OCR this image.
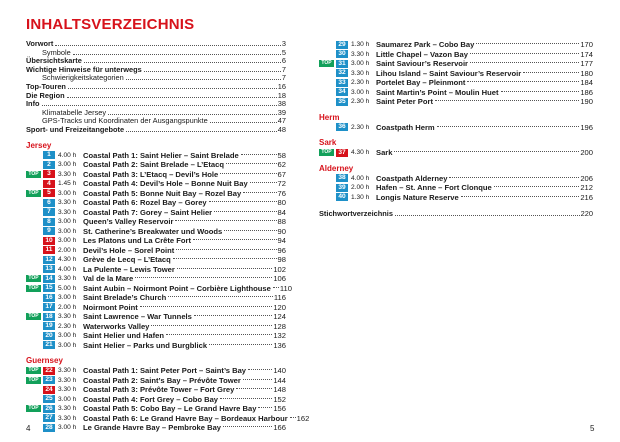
INHALTSVERZEICHNIS
Vorwort	3
Symbole	5
Übersichtskarte	6
Wichtige Hinweise für unterwegs	7
Schwierigkeitskategorien	7
Top-Touren	16
Die Region	18
Info	38
Klimatabelle Jersey	39
GPS-Tracks und Koordinaten der Ausgangspunkte	47
Sport- und Freizeitangebote	48
Jersey
1	4.00 h Coastal Path 1: Saint Helier – Saint Brelade	58
2	3.00 h Coastal Path 2: Saint Brelade – L’Etacq	62
TOP	3	3.30 h Coastal Path 3: L’Etacq – Devil’s Hole	67
4	1.45 h Coastal Path 4: Devil’s Hole – Bonne Nuit Bay	72
TOP	5	3.00 h Coastal Path 5: Bonne Nuit Bay – Rozel Bay	76
6	3.30 h Coastal Path 6: Rozel Bay – Gorey	80
7	3.30 h Coastal Path 7: Gorey – Saint Helier	84
8	3.00 h Queen’s Valley Reservoir	88
9	3.00 h St. Catherine’s Breakwater und Woods	90
10 3.00 h Les Platons und La Crête Fort	94
11 2.00 h Devil’s Hole – Sorel Point	96
12 4.30 h Grève de Lecq – L’Etacq	98
13 4.00 h La Pulente – Lewis Tower	102
TOP	14 3.30 h Val de la Mare	106
TOP	15 5.00 h Saint Aubin – Noirmont Point – Corbière Lighthouse 110
16 3.00 h Saint Brelade’s Church	116
17 2.00 h Noirmont Point	120
TOP	18 3.30 h Saint Lawrence – War Tunnels	124
19 2.30 h Waterworks Valley	128
20 3.00 h Saint Helier und Hafen	132
21 3.00 h Saint Helier – Parks und Burgblick	136
Guernsey
TOP	22 3.30 h Coastal Path 1: Saint Peter Port – Saint’s Bay	140
TOP	23 3.30 h Coastal Path 2: Saint’s Bay – Prévôte Tower	144
24 3.30 h Coastal Path 3: Prévôte Tower – Fort Grey	148
25 3.00 h Coastal Path 4: Fort Grey – Cobo Bay	152
TOP	26 3.30 h Coastal Path 5: Cobo Bay – Le Grand Havre Bay 156
27 3.30 h Coastal Path 6: Le Grand Havre Bay – Bordeaux Harbour 162
28 3.00 h Le Grande Havre Bay – Pembroke Bay	166
29 1.30 h Saumarez Park – Cobo Bay	170
30 3.30 h Little Chapel – Vazon Bay	174
TOP	31 3.00 h Saint Saviour’s Reservoir	177
32 3.30 h Lihou Island – Saint Saviour’s Reservoir	180
33 2.30 h Portelet Bay – Pleinmont	184
34 3.00 h Saint Martin’s Point – Moulin Huet	186
35 2.30 h Saint Peter Port	190
Herm
36 2.30 h Coastpath Herm	196
Sark
TOP	37 4.30 h Sark	200
Alderney
38 4.00 h Coastpath Alderney	206
39 2.00 h Hafen – St. Anne – Fort Clonque	212
40 1.30 h Longis Nature Reserve	216
Stichwortverzeichnis	220
4	5
